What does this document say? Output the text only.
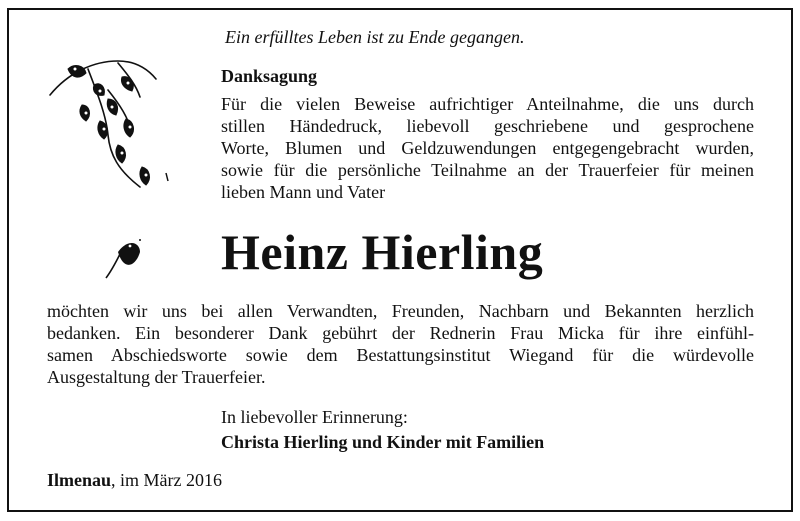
Ein erfülltes Leben ist zu Ende gegangen.
Danksagung
Für die vielen Beweise aufrichtiger Anteilnahme, die uns durch
stillen Händedruck, liebevoll geschriebene und gesprochene
Worte, Blumen und Geldzuwendungen entgegengebracht wurden,
sowie für die persönliche Teilnahme an der Trauerfeier für meinen
lieben Mann und Vater
Heinz Hierling
möchten wir uns bei allen Verwandten, Freunden, Nachbarn und Bekannten herzlich
bedanken. Ein besonderer Dank gebührt der Rednerin Frau Micka für ihre einfühl-
samen Abschiedsworte sowie dem Bestattungsinstitut Wiegand für die würdevolle
Ausgestaltung der Trauerfeier.
In liebevoller Erinnerung:
Christa Hierling und Kinder mit Familien
Ilmenau, im März 2016
